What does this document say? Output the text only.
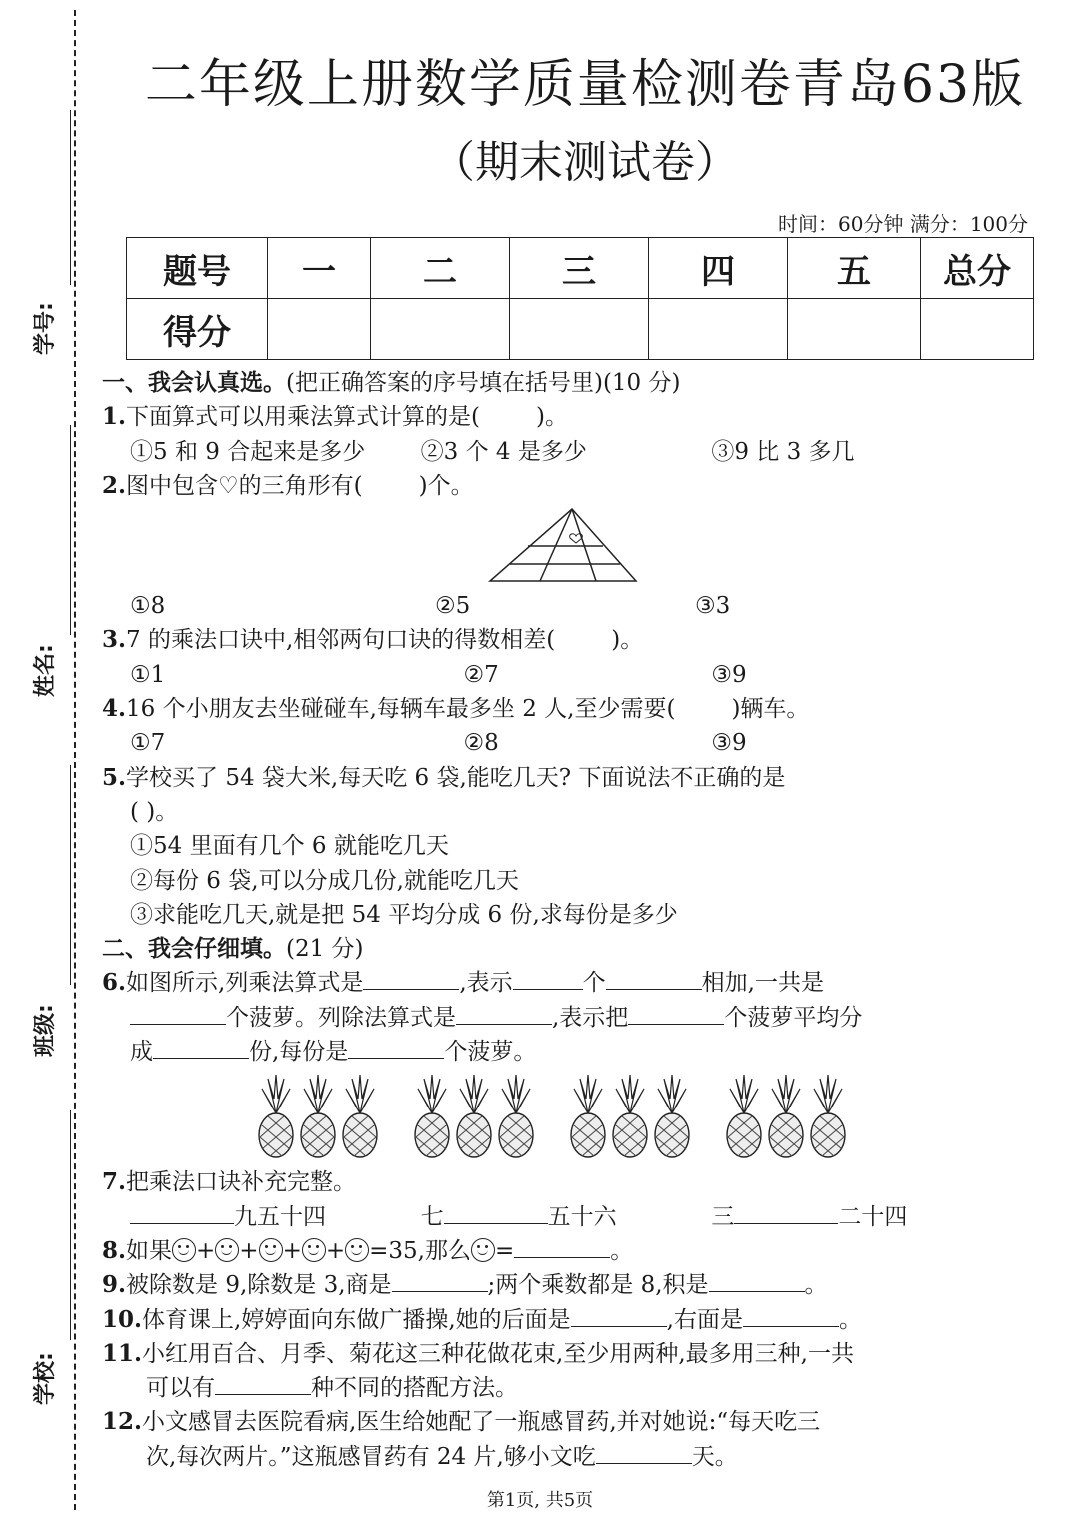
学号:
姓名:
班级:
学校:
二年级上册数学质量检测卷青岛63版
（期末测试卷）
时间：60分钟 满分：100分
题号	一	二	三	四	五	总分
得分						

一、我会认真选。(把正确答案的序号填在括号里)(10 分)

1.下面算式可以用乘法算式计算的是( )。

①5 和 9 合起来是多少	②3 个 4 是多少	③9 比 3 多几

2.图中包含♡的三角形有( )个。

①8	②5	③3

3.7 的乘法口诀中,相邻两句口诀的得数相差( )。

①1	②7	③9

4.16 个小朋友去坐碰碰车,每辆车最多坐 2 人,至少需要( )辆车。

①7	②8	③9

5.学校买了 54 袋大米,每天吃 6 袋,能吃几天? 下面说法不正确的是

( )。

①54 里面有几个 6 就能吃几天

②每份 6 袋,可以分成几份,就能吃几天

③求能吃几天,就是把 54 平均分成 6 份,求每份是多少

二、我会仔细填。(21 分)

6.如图所示,列乘法算式是	,表示	个	相加,一共是

个菠萝。列除法算式是	,表示把	个菠萝平均分

成	份,每份是	个菠萝。

7.把乘法口诀补充完整。

九五十四	七	五十六	三	二十四

8.如果 + + + + =35,那么 =	。

9.被除数是 9,除数是 3,商是	;两个乘数都是 8,积是	。

10.体育课上,婷婷面向东做广播操,她的后面是	,右面是	。

11.小红用百合、月季、菊花这三种花做花束,至少用两种,最多用三种,一共

可以有	种不同的搭配方法。

12.小文感冒去医院看病,医生给她配了一瓶感冒药,并对她说:“每天吃三

次,每次两片。”这瓶感冒药有 24 片,够小文吃	天。

第1页, 共5页
